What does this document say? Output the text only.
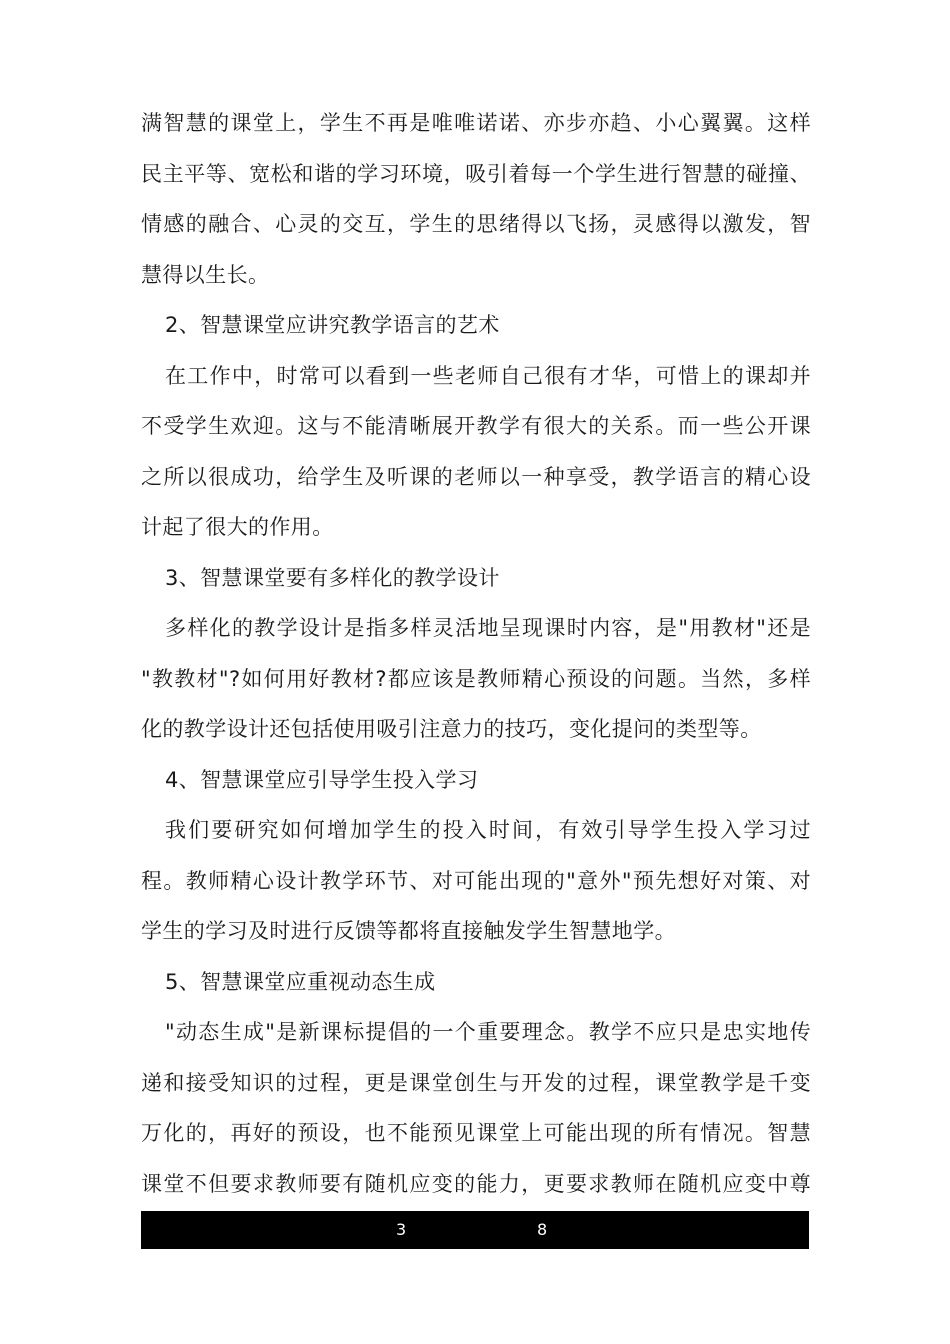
满智慧的课堂上，学生不再是唯唯诺诺、亦步亦趋、小心翼翼。这样
民主平等、宽松和谐的学习环境，吸引着每一个学生进行智慧的碰撞、
情感的融合、心灵的交互，学生的思绪得以飞扬，灵感得以激发，智
慧得以生长。
2、智慧课堂应讲究教学语言的艺术
在工作中，时常可以看到一些老师自己很有才华，可惜上的课却并
不受学生欢迎。这与不能清晰展开教学有很大的关系。而一些公开课
之所以很成功，给学生及听课的老师以一种享受，教学语言的精心设
计起了很大的作用。
3、智慧课堂要有多样化的教学设计
多样化的教学设计是指多样灵活地呈现课时内容，是"用教材"还是
"教教材"?如何用好教材?都应该是教师精心预设的问题。当然，多样
化的教学设计还包括使用吸引注意力的技巧，变化提问的类型等。
4、智慧课堂应引导学生投入学习
我们要研究如何增加学生的投入时间，有效引导学生投入学习过
程。教师精心设计教学环节、对可能出现的"意外"预先想好对策、对
学生的学习及时进行反馈等都将直接触发学生智慧地学。
5、智慧课堂应重视动态生成
"动态生成"是新课标提倡的一个重要理念。教学不应只是忠实地传
递和接受知识的过程，更是课堂创生与开发的过程，课堂教学是千变
万化的，再好的预设，也不能预见课堂上可能出现的所有情况。智慧
课堂不但要求教师要有随机应变的能力，更要求教师在随机应变中尊
3	8
